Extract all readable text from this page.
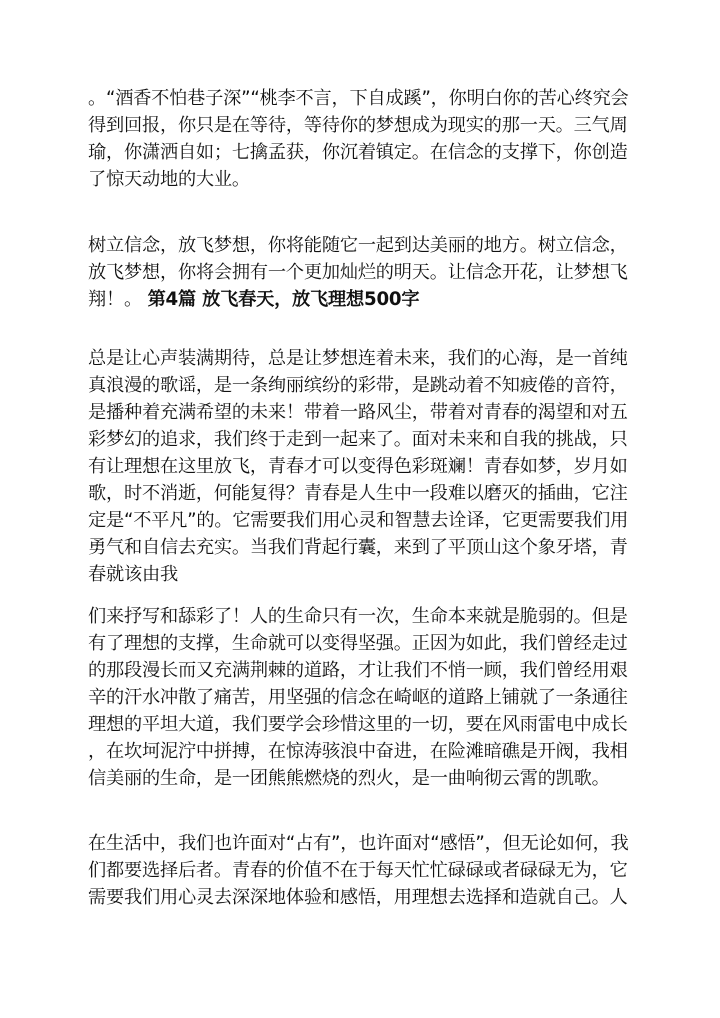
。“酒香不怕巷子深”“桃李不言，下自成蹊”，你明白你的苦心终究会
得到回报，你只是在等待，等待你的梦想成为现实的那一天。三气周
瑜，你潇洒自如；七擒孟获，你沉着镇定。在信念的支撑下，你创造
了惊天动地的大业。

树立信念，放飞梦想，你将能随它一起到达美丽的地方。树立信念，
放飞梦想，你将会拥有一个更加灿烂的明天。让信念开花，让梦想飞
翔！。 第4篇 放飞春天，放飞理想500字

总是让心声装满期待，总是让梦想连着未来，我们的心海，是一首纯
真浪漫的歌谣，是一条绚丽缤纷的彩带，是跳动着不知疲倦的音符，
是播种着充满希望的未来！带着一路风尘，带着对青春的渴望和对五
彩梦幻的追求，我们终于走到一起来了。面对未来和自我的挑战，只
有让理想在这里放飞，青春才可以变得色彩斑斓！青春如梦，岁月如
歌，时不消逝，何能复得？青春是人生中一段难以磨灭的插曲，它注
定是“不平凡”的。它需要我们用心灵和智慧去诠译，它更需要我们用
勇气和自信去充实。当我们背起行囊，来到了平顶山这个象牙塔，青
春就该由我

们来抒写和舔彩了！人的生命只有一次，生命本来就是脆弱的。但是
有了理想的支撑，生命就可以变得坚强。正因为如此，我们曾经走过
的那段漫长而又充满荆棘的道路，才让我们不悄一顾，我们曾经用艰
辛的汗水冲散了痛苦，用坚强的信念在崎岖的道路上铺就了一条通往
理想的平坦大道，我们要学会珍惜这里的一切，要在风雨雷电中成长
，在坎坷泥泞中拼搏，在惊涛骇浪中奋进，在险滩暗礁是开阀，我相
信美丽的生命，是一团熊熊燃烧的烈火，是一曲响彻云霄的凯歌。

在生活中，我们也许面对“占有”，也许面对“感悟”，但无论如何，我
们都要选择后者。青春的价值不在于每天忙忙碌碌或者碌碌无为，它
需要我们用心灵去深深地体验和感悟，用理想去选择和造就自己。人
